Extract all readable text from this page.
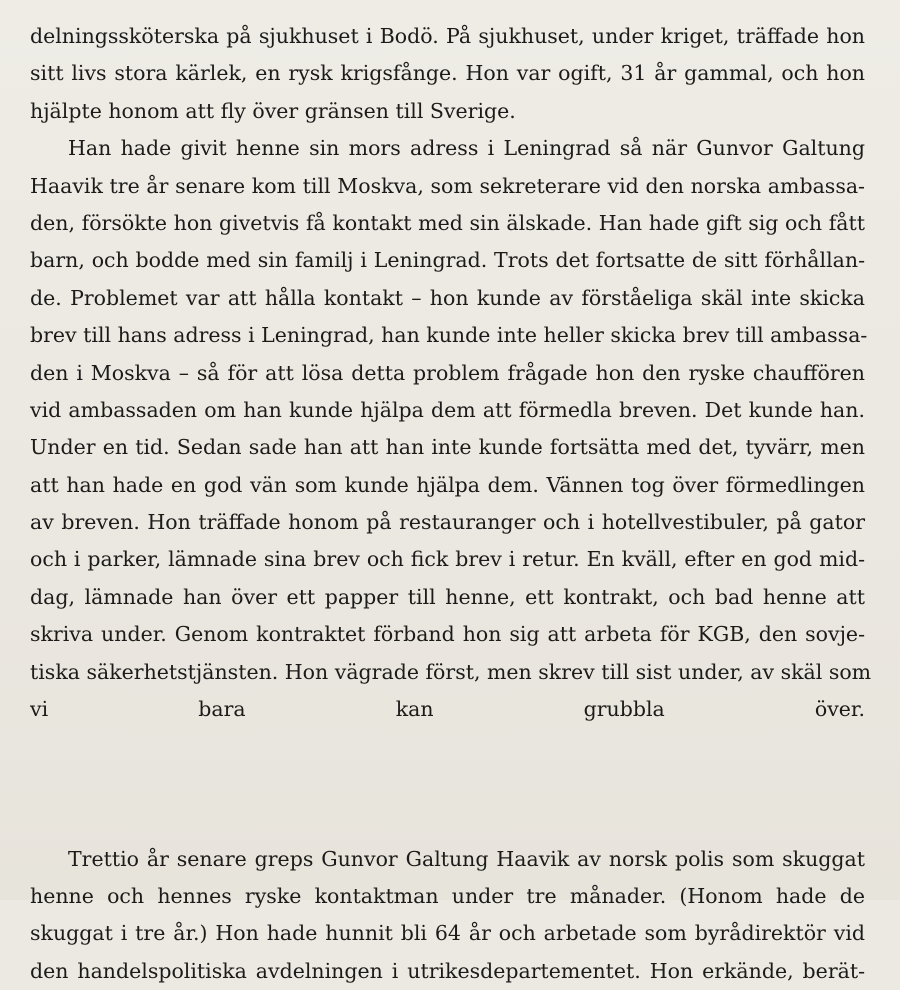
delningssköterska på sjukhuset i Bodö. På sjukhuset, under kriget, träffade hon
sitt livs stora kärlek, en rysk krigsfånge. Hon var ogift, 31 år gammal, och hon
hjälpte honom att fly över gränsen till Sverige.
Han hade givit henne sin mors adress i Leningrad så när Gunvor Galtung
Haavik tre år senare kom till Moskva, som sekreterare vid den norska ambassa-
den, försökte hon givetvis få kontakt med sin älskade. Han hade gift sig och fått
barn, och bodde med sin familj i Leningrad. Trots det fortsatte de sitt förhållan-
de. Problemet var att hålla kontakt – hon kunde av förståeliga skäl inte skicka
brev till hans adress i Leningrad, han kunde inte heller skicka brev till ambassa-
den i Moskva – så för att lösa detta problem frågade hon den ryske chauffören
vid ambassaden om han kunde hjälpa dem att förmedla breven. Det kunde han.
Under en tid. Sedan sade han att han inte kunde fortsätta med det, tyvärr, men
att han hade en god vän som kunde hjälpa dem. Vännen tog över förmedlingen
av breven. Hon träffade honom på restauranger och i hotellvestibuler, på gator
och i parker, lämnade sina brev och fick brev i retur. En kväll, efter en god mid-
dag, lämnade han över ett papper till henne, ett kontrakt, och bad henne att
skriva under. Genom kontraktet förband hon sig att arbeta för KGB, den sovje-
tiska säkerhetstjänsten. Hon vägrade först, men skrev till sist under, av skäl som
vi bara kan grubbla över.
Trettio år senare greps Gunvor Galtung Haavik av norsk polis som skuggat
henne och hennes ryske kontaktman under tre månader. (Honom hade de
skuggat i tre år.) Hon hade hunnit bli 64 år och arbetade som byrådirektör vid
den handelspolitiska avdelningen i utrikesdepartementet. Hon erkände, berät-
